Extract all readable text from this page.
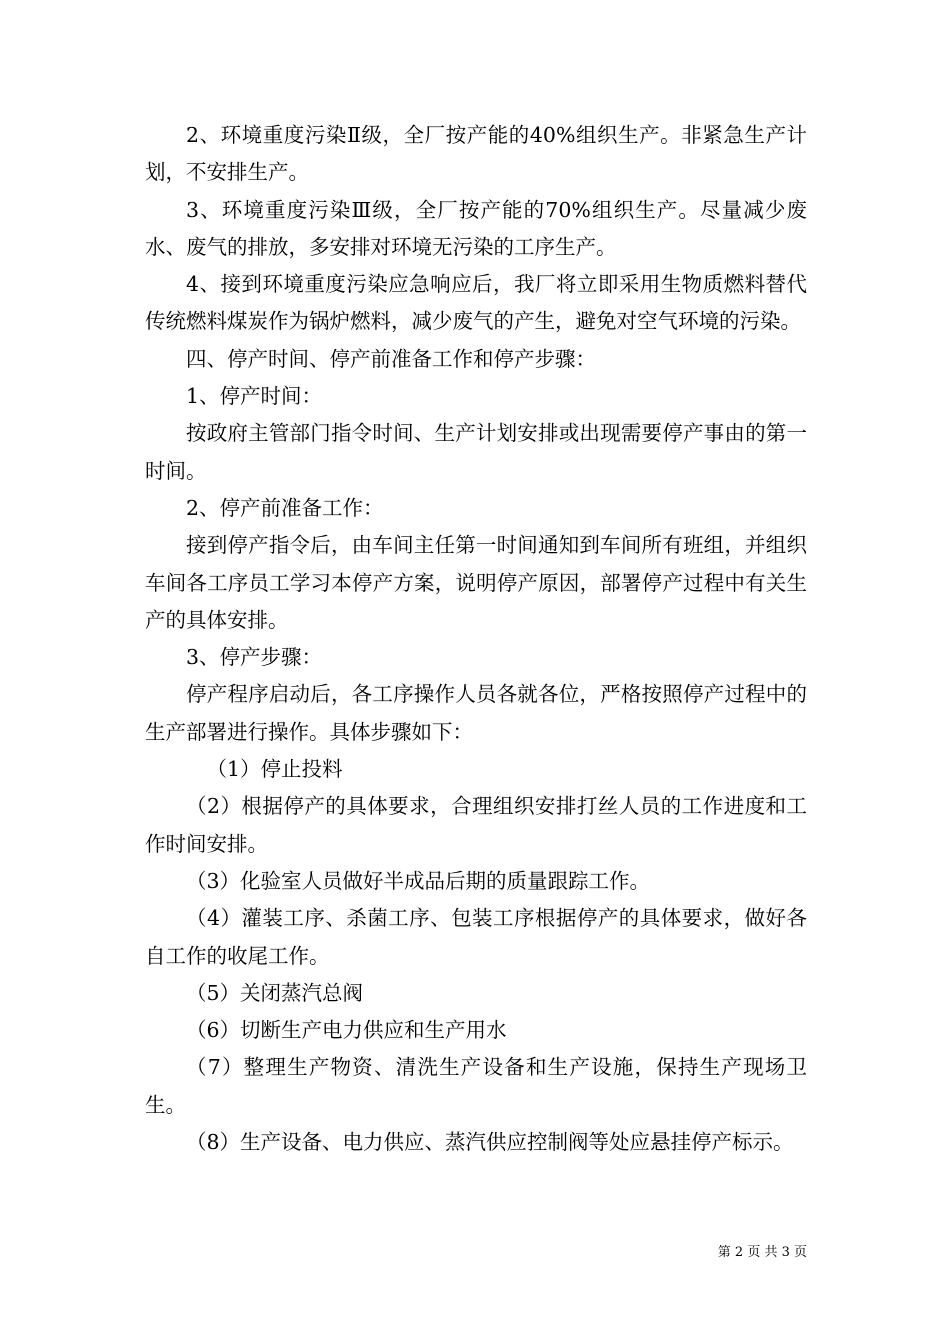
2、环境重度污染Ⅱ级，全厂按产能的40%组织生产。非紧急生产计划，不安排生产。

3、环境重度污染Ⅲ级，全厂按产能的70%组织生产。尽量减少废水、废气的排放，多安排对环境无污染的工序生产。

4、接到环境重度污染应急响应后，我厂将立即采用生物质燃料替代传统燃料煤炭作为锅炉燃料，减少废气的产生，避免对空气环境的污染。

四、停产时间、停产前准备工作和停产步骤：

1、停产时间：

按政府主管部门指令时间、生产计划安排或出现需要停产事由的第一时间。

2、停产前准备工作：

接到停产指令后，由车间主任第一时间通知到车间所有班组，并组织车间各工序员工学习本停产方案，说明停产原因，部署停产过程中有关生产的具体安排。

3、停产步骤：

停产程序启动后，各工序操作人员各就各位，严格按照停产过程中的生产部署进行操作。具体步骤如下：

（1）停止投料

（2）根据停产的具体要求，合理组织安排打丝人员的工作进度和工作时间安排。

（3）化验室人员做好半成品后期的质量跟踪工作。

（4）灌装工序、杀菌工序、包装工序根据停产的具体要求，做好各自工作的收尾工作。

（5）关闭蒸汽总阀

（6）切断生产电力供应和生产用水

（7）整理生产物资、清洗生产设备和生产设施，保持生产现场卫生。

（8）生产设备、电力供应、蒸汽供应控制阀等处应悬挂停产标示。

第 2 页 共 3 页
